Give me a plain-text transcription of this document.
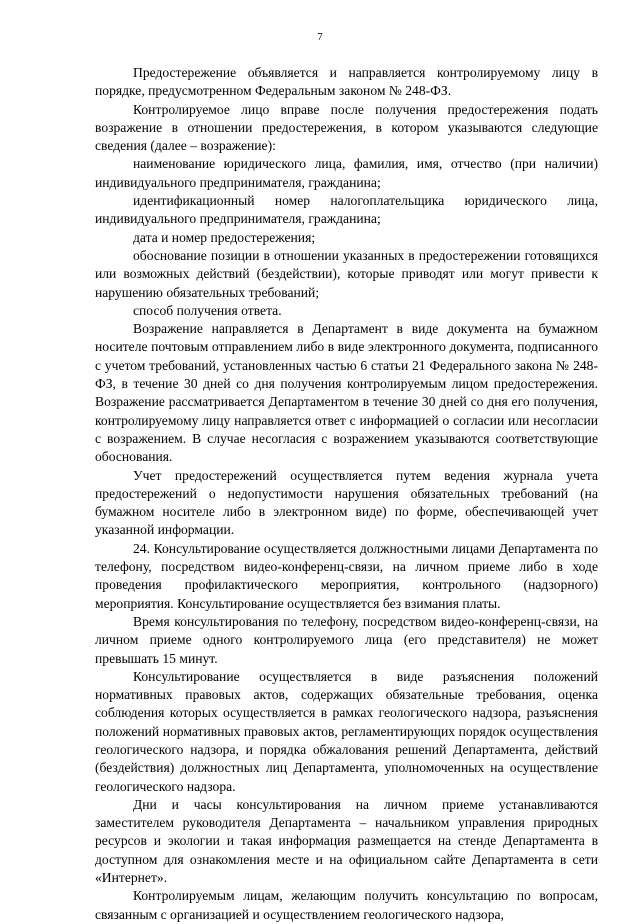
7

Предостережение объявляется и направляется контролируемому лицу в порядке, предусмотренном Федеральным законом № 248-ФЗ.

Контролируемое лицо вправе после получения предостережения подать возражение в отношении предостережения, в котором указываются следующие сведения (далее – возражение):

наименование юридического лица, фамилия, имя, отчество (при наличии) индивидуального предпринимателя, гражданина;

идентификационный номер налогоплательщика юридического лица, индивидуального предпринимателя, гражданина;

дата и номер предостережения;

обоснование позиции в отношении указанных в предостережении готовящихся или возможных действий (бездействии), которые приводят или могут привести к нарушению обязательных требований;

способ получения ответа.

Возражение направляется в Департамент в виде документа на бумажном носителе почтовым отправлением либо в виде электронного документа, подписанного с учетом требований, установленных частью 6 статьи 21 Федерального закона № 248-ФЗ, в течение 30 дней со дня получения контролируемым лицом предостережения. Возражение рассматривается Департаментом в течение 30 дней со дня его получения, контролируемому лицу направляется ответ с информацией о согласии или несогласии с возражением. В случае несогласия с возражением указываются соответствующие обоснования.

Учет предостережений осуществляется путем ведения журнала учета предостережений о недопустимости нарушения обязательных требований (на бумажном носителе либо в электронном виде) по форме, обеспечивающей учет указанной информации.

24. Консультирование осуществляется должностными лицами Департамента по телефону, посредством видео-конференц-связи, на личном приеме либо в ходе проведения профилактического мероприятия, контрольного (надзорного) мероприятия. Консультирование осуществляется без взимания платы.

Время консультирования по телефону, посредством видео-конференц-связи, на личном приеме одного контролируемого лица (его представителя) не может превышать 15 минут.

Консультирование осуществляется в виде разъяснения положений нормативных правовых актов, содержащих обязательные требования, оценка соблюдения которых осуществляется в рамках геологического надзора, разъяснения положений нормативных правовых актов, регламентирующих порядок осуществления геологического надзора, и порядка обжалования решений Департамента, действий (бездействия) должностных лиц Департамента, уполномоченных на осуществление геологического надзора.

Дни и часы консультирования на личном приеме устанавливаются заместителем руководителя Департамента – начальником управления природных ресурсов и экологии и такая информация размещается на стенде Департамента в доступном для ознакомления месте и на официальном сайте Департамента в сети «Интернет».

Контролируемым лицам, желающим получить консультацию по вопросам, связанным с организацией и осуществлением геологического надзора,
